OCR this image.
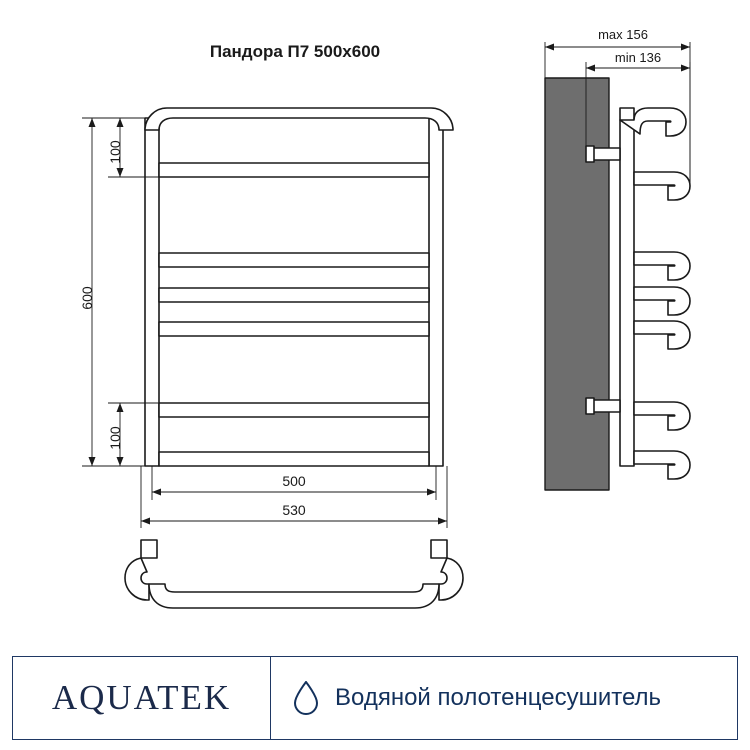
Пандора П7 500х600
600
100
100
500
530
max 156
min 136
AQUATEK	Водяной полотенцесушитель
